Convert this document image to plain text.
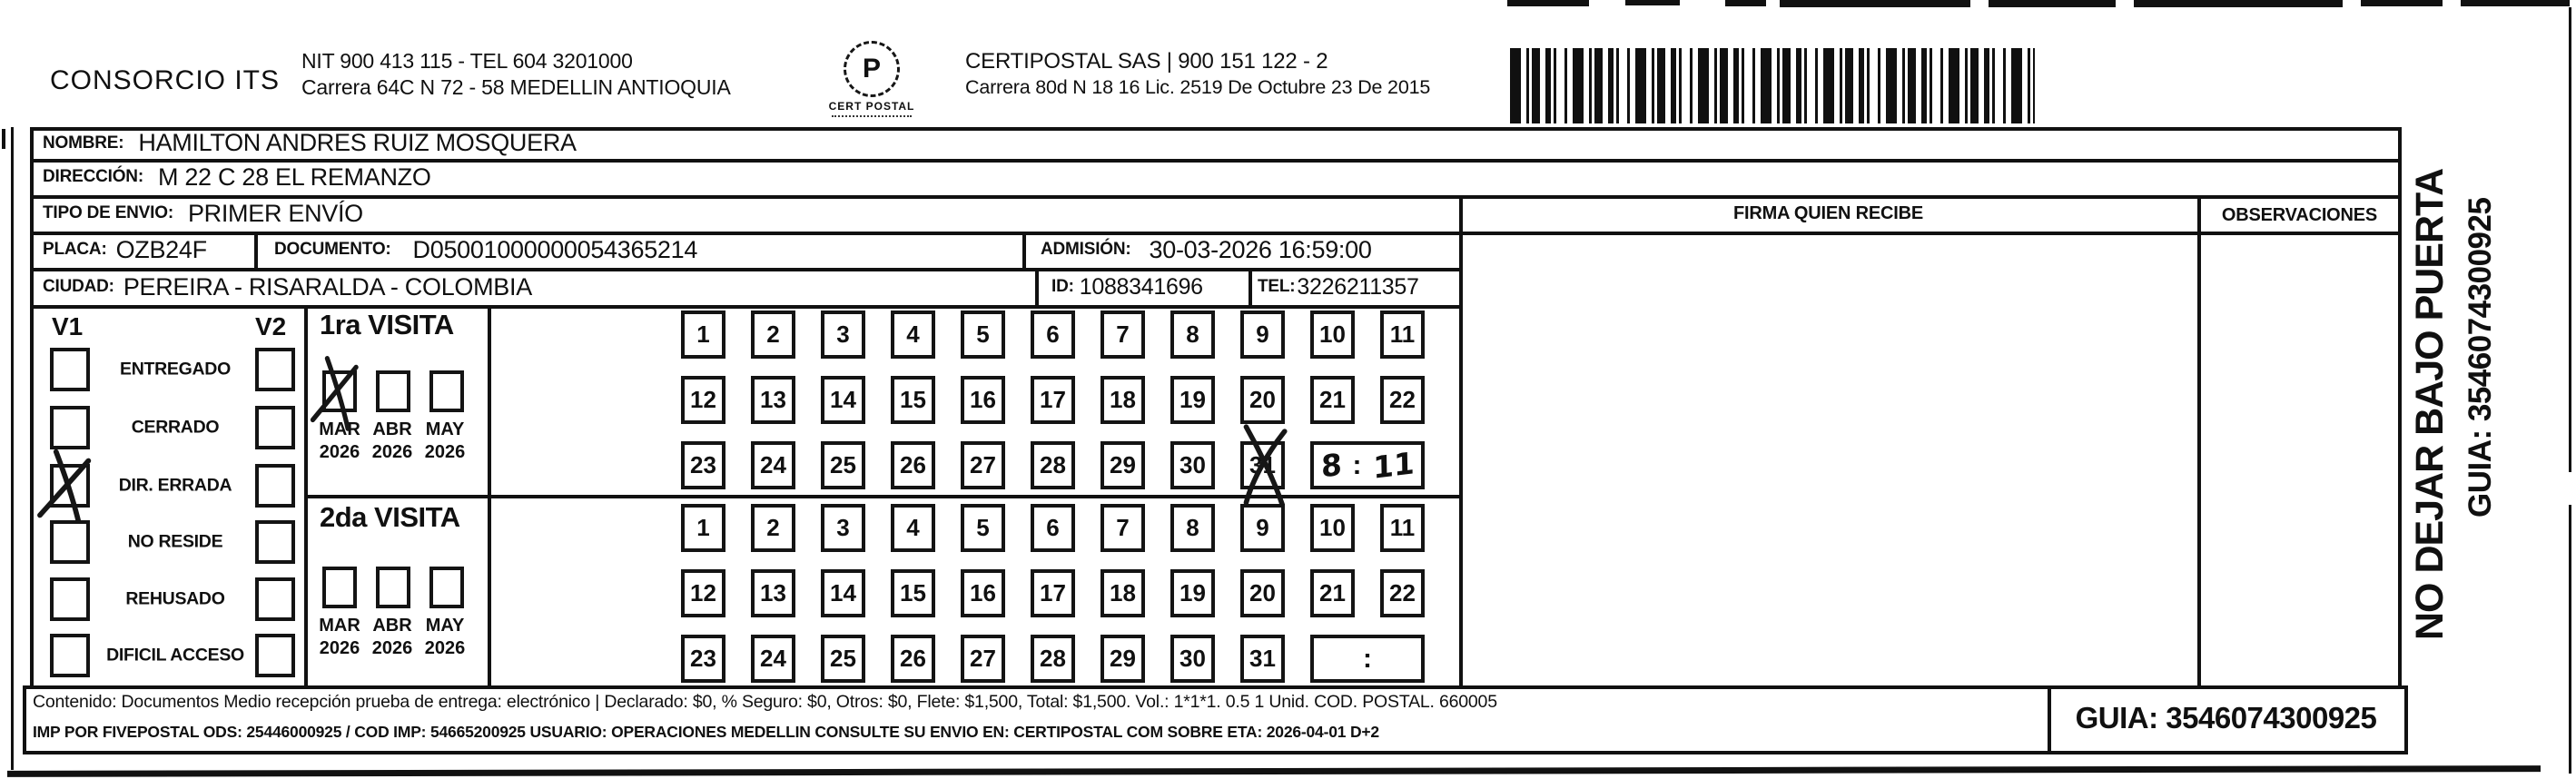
CONSORCIO ITS
NIT 900 413 115 - TEL 604 3201000
Carrera 64C N 72 - 58 MEDELLIN ANTIOQUIA
P
CERT POSTAL
CERTIPOSTAL SAS | 900 151 122 - 2
Carrera 80d N 18 16 Lic. 2519 De Octubre 23 De 2015
NOMBRE: HAMILTON ANDRES RUIZ MOSQUERA
DIRECCIÓN: M 22 C 28 EL REMANZO
TIPO DE ENVIO: PRIMER ENVÍO
PLACA: OZB24F	DOCUMENTO: D05001000000054365214	ADMISIÓN: 30-03-2026 16:59:00
CIUDAD: PEREIRA - RISARALDA - COLOMBIA	ID: 1088341696	TEL: 3226211357
FIRMA QUIEN RECIBE	OBSERVACIONES
V1	V2
ENTREGADO
CERRADO
DIR. ERRADA
NO RESIDE
REHUSADO
DIFICIL ACCESO
1ra VISITA
MAR ABR MAY
2026 2026 2026
2da VISITA
MAR ABR MAY
2026 2026 2026
1	2	3	4	5	6	7	8	9	10	11
12	13	14	15	16	17	18	19	20	21	22
23	24	25	26	27	28	29	30	31	8 : 11
1	2	3	4	5	6	7	8	9	10	11
12	13	14	15	16	17	18	19	20	21	22
23	24	25	26	27	28	29	30	31	:
Contenido: Documentos Medio recepción prueba de entrega: electrónico | Declarado: $0, % Seguro: $0, Otros: $0, Flete: $1,500, Total: $1,500. Vol.: 1*1*1. 0.5 1 Unid. COD. POSTAL. 660005
IMP POR FIVEPOSTAL ODS: 25446000925 / COD IMP: 54665200925 USUARIO: OPERACIONES MEDELLIN CONSULTE SU ENVIO EN: CERTIPOSTAL COM SOBRE ETA: 2026-04-01 D+2	GUIA: 3546074300925
NO DEJAR BAJO PUERTA GUIA: 3546074300925
